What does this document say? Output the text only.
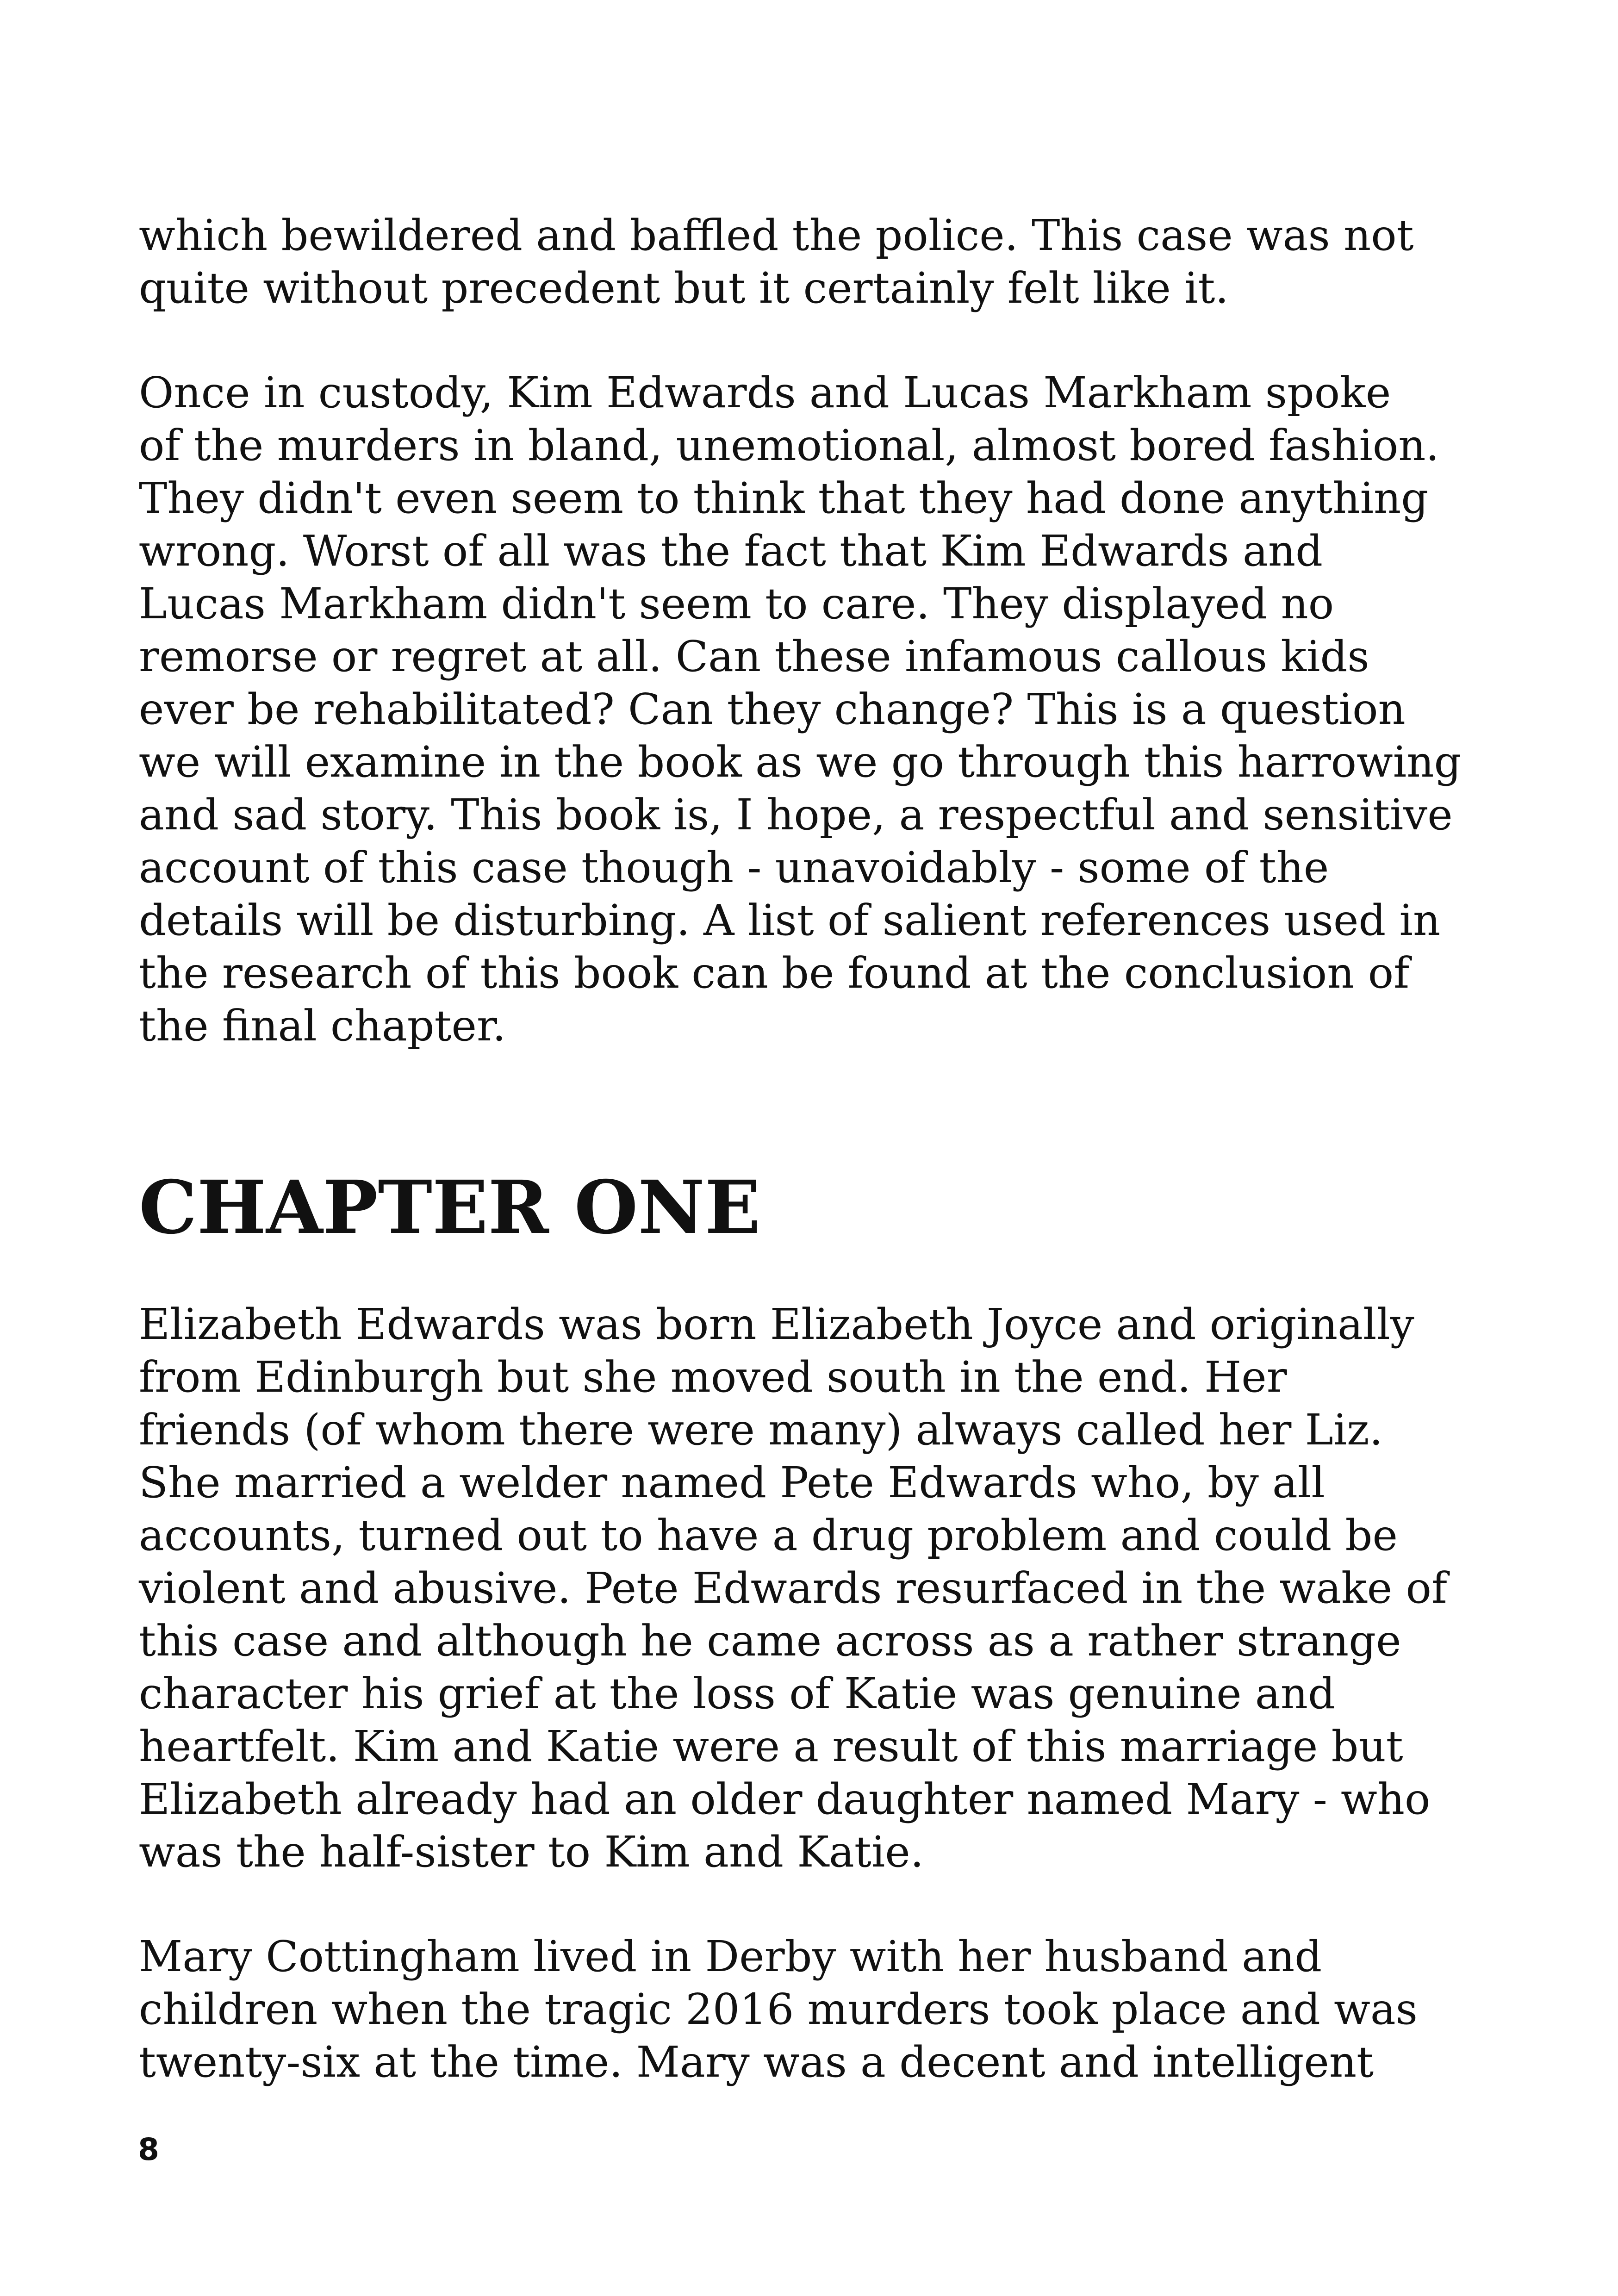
which bewildered and baffled the police. This case was not
quite without precedent but it certainly felt like it.
Once in custody, Kim Edwards and Lucas Markham spoke
of the murders in bland, unemotional, almost bored fashion.
They didn't even seem to think that they had done anything
wrong. Worst of all was the fact that Kim Edwards and
Lucas Markham didn't seem to care. They displayed no
remorse or regret at all. Can these infamous callous kids
ever be rehabilitated? Can they change? This is a question
we will examine in the book as we go through this harrowing
and sad story. This book is, I hope, a respectful and sensitive
account of this case though - unavoidably - some of the
details will be disturbing. A list of salient references used in
the research of this book can be found at the conclusion of
the final chapter.
CHAPTER ONE
Elizabeth Edwards was born Elizabeth Joyce and originally
from Edinburgh but she moved south in the end. Her
friends (of whom there were many) always called her Liz.
She married a welder named Pete Edwards who, by all
accounts, turned out to have a drug problem and could be
violent and abusive. Pete Edwards resurfaced in the wake of
this case and although he came across as a rather strange
character his grief at the loss of Katie was genuine and
heartfelt. Kim and Katie were a result of this marriage but
Elizabeth already had an older daughter named Mary - who
was the half-sister to Kim and Katie.
Mary Cottingham lived in Derby with her husband and
children when the tragic 2016 murders took place and was
twenty-six at the time. Mary was a decent and intelligent
8
